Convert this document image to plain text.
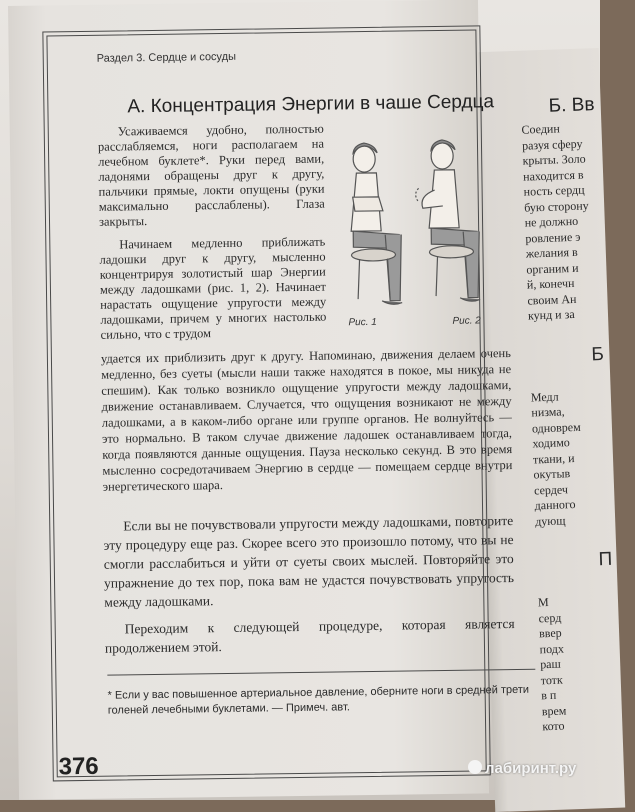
Б. Вв
Соедин
разуя сферу
крыты. Золо
находится в
ность сердц
бую сторону
не должно
ровление э
желания в
органим и
й, конечн
своим Ан
кунд и за
Б
Медл
низма,
одноврем
ходимо
ткани, и
окутыв
сердеч
данного
дующ
П
М
серд
ввер
подх
раш
тотк
в п
врем
кото
Раздел 3. Сердце и сосуды
А. Концентрация Энергии в чаше Сердца

Усаживаемся удобно, полностью расслабляемся, ноги располагаем на лечебном буклете*. Руки перед вами, ладонями обращены друг к другу, пальчики прямые, локти опущены (руки максимально расслаблены). Глаза закрыты.

Начинаем медленно приближать ладошки друг к другу, мысленно концентрируя золотистый шар Энергии между ладошками (рис. 1, 2). Начинает нарастать ощущение упругости между ладошками, причем у многих настолько сильно, что с трудом

Рис. 1	Рис. 2

удается их приблизить друг к другу. Напоминаю, движения делаем очень медленно, без суеты (мысли наши также находятся в покое, мы никуда не спешим). Как только возникло ощущение упругости между ладошками, движение останавливаем. Случается, что ощущения возникают не между ладошками, а в каком-либо органе или группе органов. Не волнуйтесь — это нормально. В таком случае движение ладошек останавливаем тогда, когда появляются данные ощущения. Пауза несколько секунд. В это время мысленно сосредотачиваем Энергию в сердце — помещаем сердце внутри энергетического шара.

Если вы не почувствовали упругости между ладошками, повторите эту процедуру еще раз. Скорее всего это произошло потому, что вы не смогли расслабиться и уйти от суеты своих мыслей. Повторяйте это упражнение до тех пор, пока вам не удастся почувствовать упругость между ладошками.

Переходим к следующей процедуре, которая является продолжением этой.

* Если у вас повышенное артериальное давление, оберните ноги в средней трети голеней лечебными буклетами. — Примеч. авт.
376	лабиринт.ру
